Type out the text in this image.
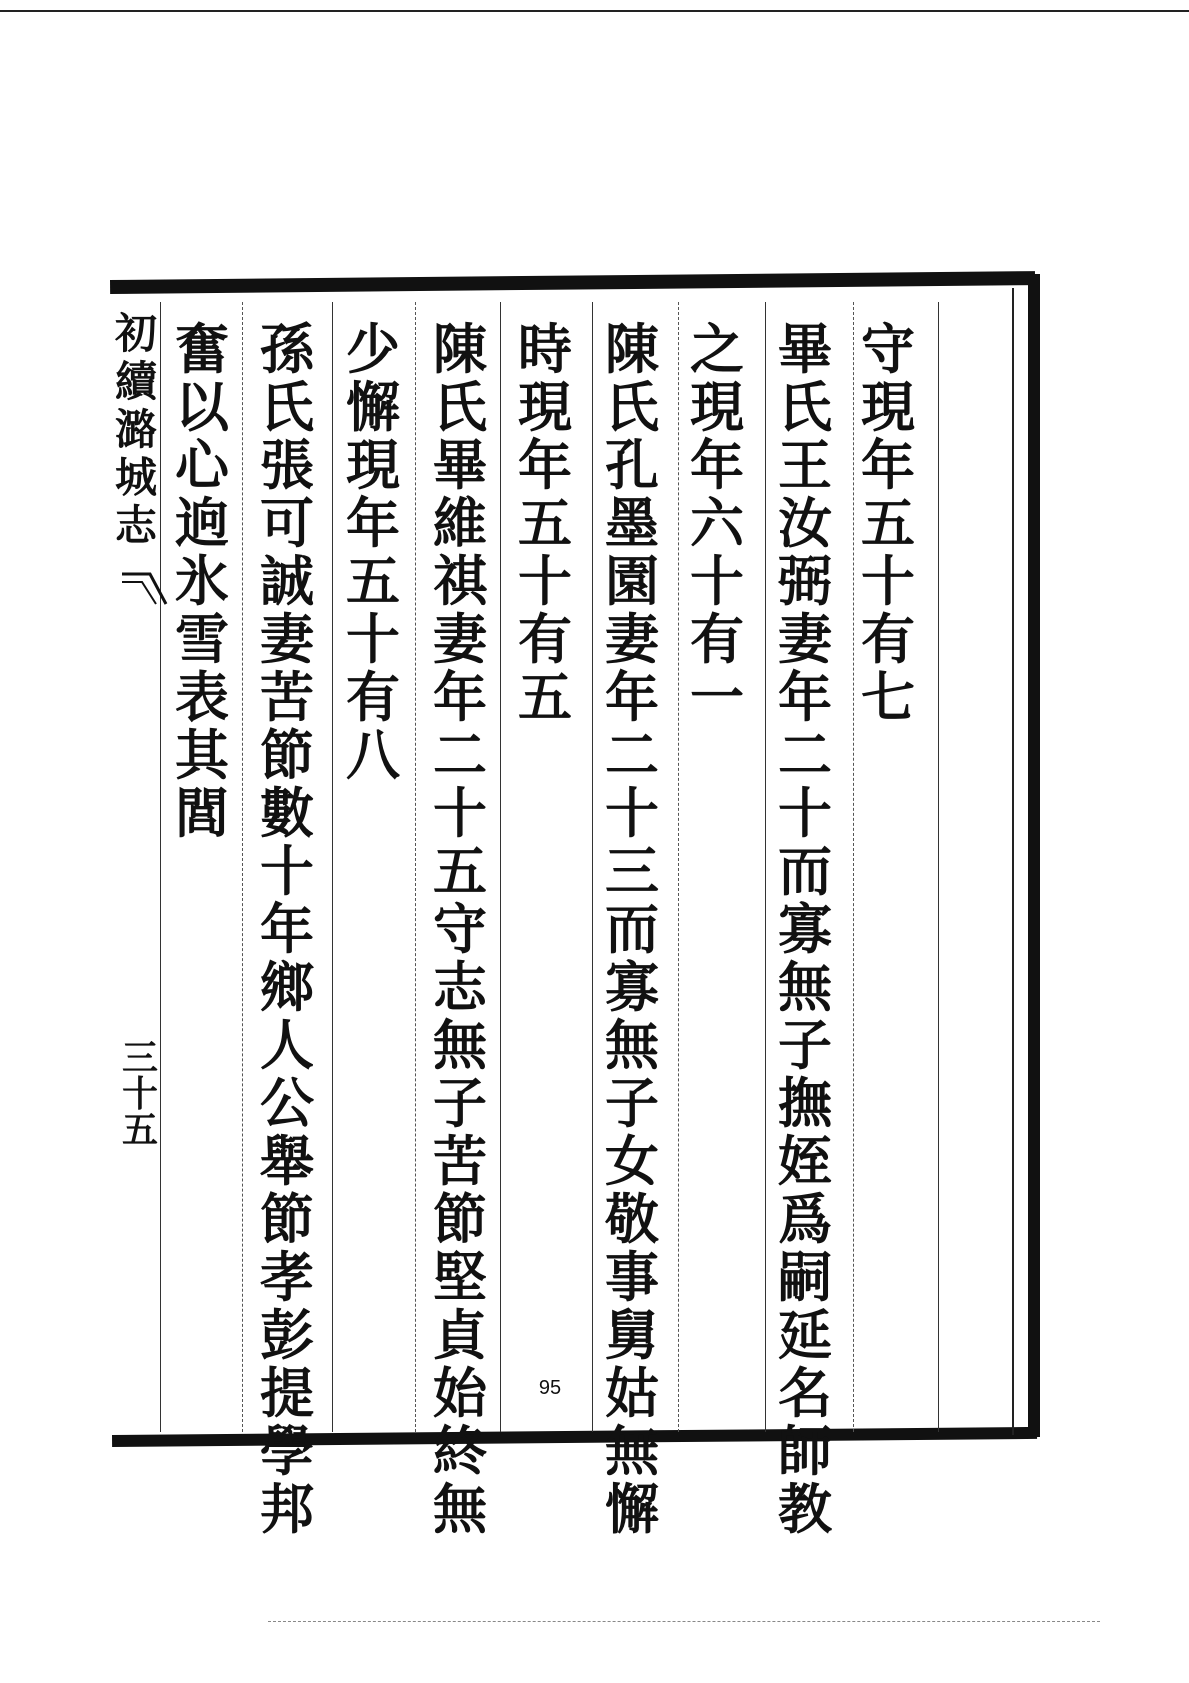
守
現
年
五
十
有
七
畢
氏
王
汝
弼
妻
年
二
十
而
寡
無
子
撫
姪
爲
嗣
延
名
師
教
之
現
年
六
十
有
一
陳
氏
孔
墨
園
妻
年
二
十
三
而
寡
無
子
女
敬
事
舅
姑
無
懈
時
現
年
五
十
有
五
陳
氏
畢
維
祺
妻
年
二
十
五
守
志
無
子
苦
節
堅
貞
始
終
無
少
懈
現
年
五
十
有
八
孫
氏
張
可
誠
妻
苦
節
數
十
年
鄉
人
公
舉
節
孝
彭
提
學
邦
奮
以
心
逈
氷
雪
表
其
閭
初
續
潞
城
志
三
十
五
95
